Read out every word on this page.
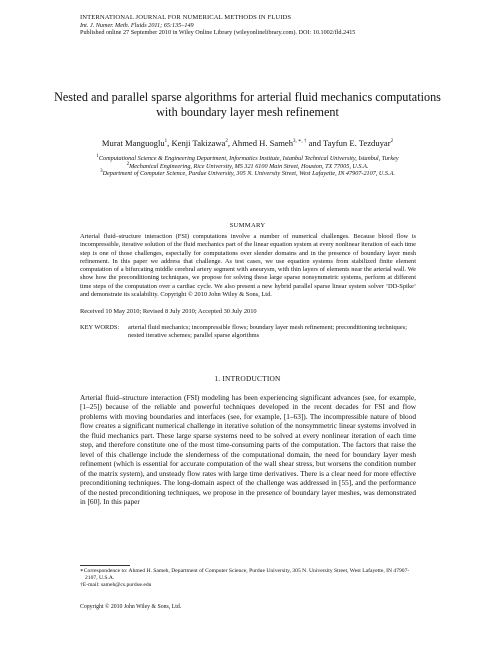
INTERNATIONAL JOURNAL FOR NUMERICAL METHODS IN FLUIDS
Int. J. Numer. Meth. Fluids 2011; 65:135–149
Published online 27 September 2010 in Wiley Online Library (wileyonlinelibrary.com). DOI: 10.1002/fld.2415
Nested and parallel sparse algorithms for arterial fluid mechanics computations with boundary layer mesh refinement
Murat Manguoglu$^1$, Kenji Takizawa$^2$, Ahmed H. Sameh$^{3, ∗, \dagger}$ and Tayfun E. Tezduyar$^2$
$^1$Computational Science & Engineering Department, Informatics Institute, Istanbul Technical University, Istanbul, Turkey
$^2$Mechanical Engineering, Rice University, MS 321 6100 Main Street, Houston, TX 77005, U.S.A.
$^3$Department of Computer Science, Purdue University, 305 N. University Street, West Lafayette, IN 47907-2107, U.S.A.
SUMMARY
Arterial fluid–structure interaction (FSI) computations involve a number of numerical challenges. Because blood flow is incompressible, iterative solution of the fluid mechanics part of the linear equation system at every nonlinear iteration of each time step is one of those challenges, especially for computations over slender domains and in the presence of boundary layer mesh refinement. In this paper we address that challenge. As test cases, we use equation systems from stabilized finite element computation of a bifurcating middle cerebral artery segment with aneurysm, with thin layers of elements near the arterial wall. We show how the preconditioning techniques, we propose for solving these large sparse nonsymmetric systems, perform at different time steps of the computation over a cardiac cycle. We also present a new hybrid parallel sparse linear system solver ‘DD-Spike’ and demonstrate its scalability. Copyright © 2010 John Wiley & Sons, Ltd.
Received 10 May 2010; Revised 8 July 2010; Accepted 30 July 2010
KEY WORDS:	arterial fluid mechanics; incompressible flows; boundary layer mesh refinement; preconditioning techniques; nested iterative schemes; parallel sparse algorithms
1. INTRODUCTION
Arterial fluid–structure interaction (FSI) modeling has been experiencing significant advances (see, for example, [1–25]) because of the reliable and powerful techniques developed in the recent decades for FSI and flow problems with moving boundaries and interfaces (see, for example, [1–63]). The incompressible nature of blood flow creates a significant numerical challenge in iterative solution of the nonsymmetric linear systems involved in the fluid mechanics part. These large sparse systems need to be solved at every nonlinear iteration of each time step, and therefore constitute one of the most time-consuming parts of the computation. The factors that raise the level of this challenge include the slenderness of the computational domain, the need for boundary layer mesh refinement (which is essential for accurate computation of the wall shear stress, but worsens the condition number of the matrix system), and unsteady flow rates with large time derivatives. There is a clear need for more effective preconditioning techniques. The long-domain aspect of the challenge was addressed in [55], and the performance of the nested preconditioning techniques, we propose in the presence of boundary layer meshes, was demonstrated in [60]. In this paper
∗Correspondence to: Ahmed H. Sameh, Department of Computer Science, Purdue University, 305 N. University Street, West Lafayette, IN 47907-2107, U.S.A.
†E-mail: sameh@cs.purdue.edu
Copyright © 2010 John Wiley & Sons, Ltd.
